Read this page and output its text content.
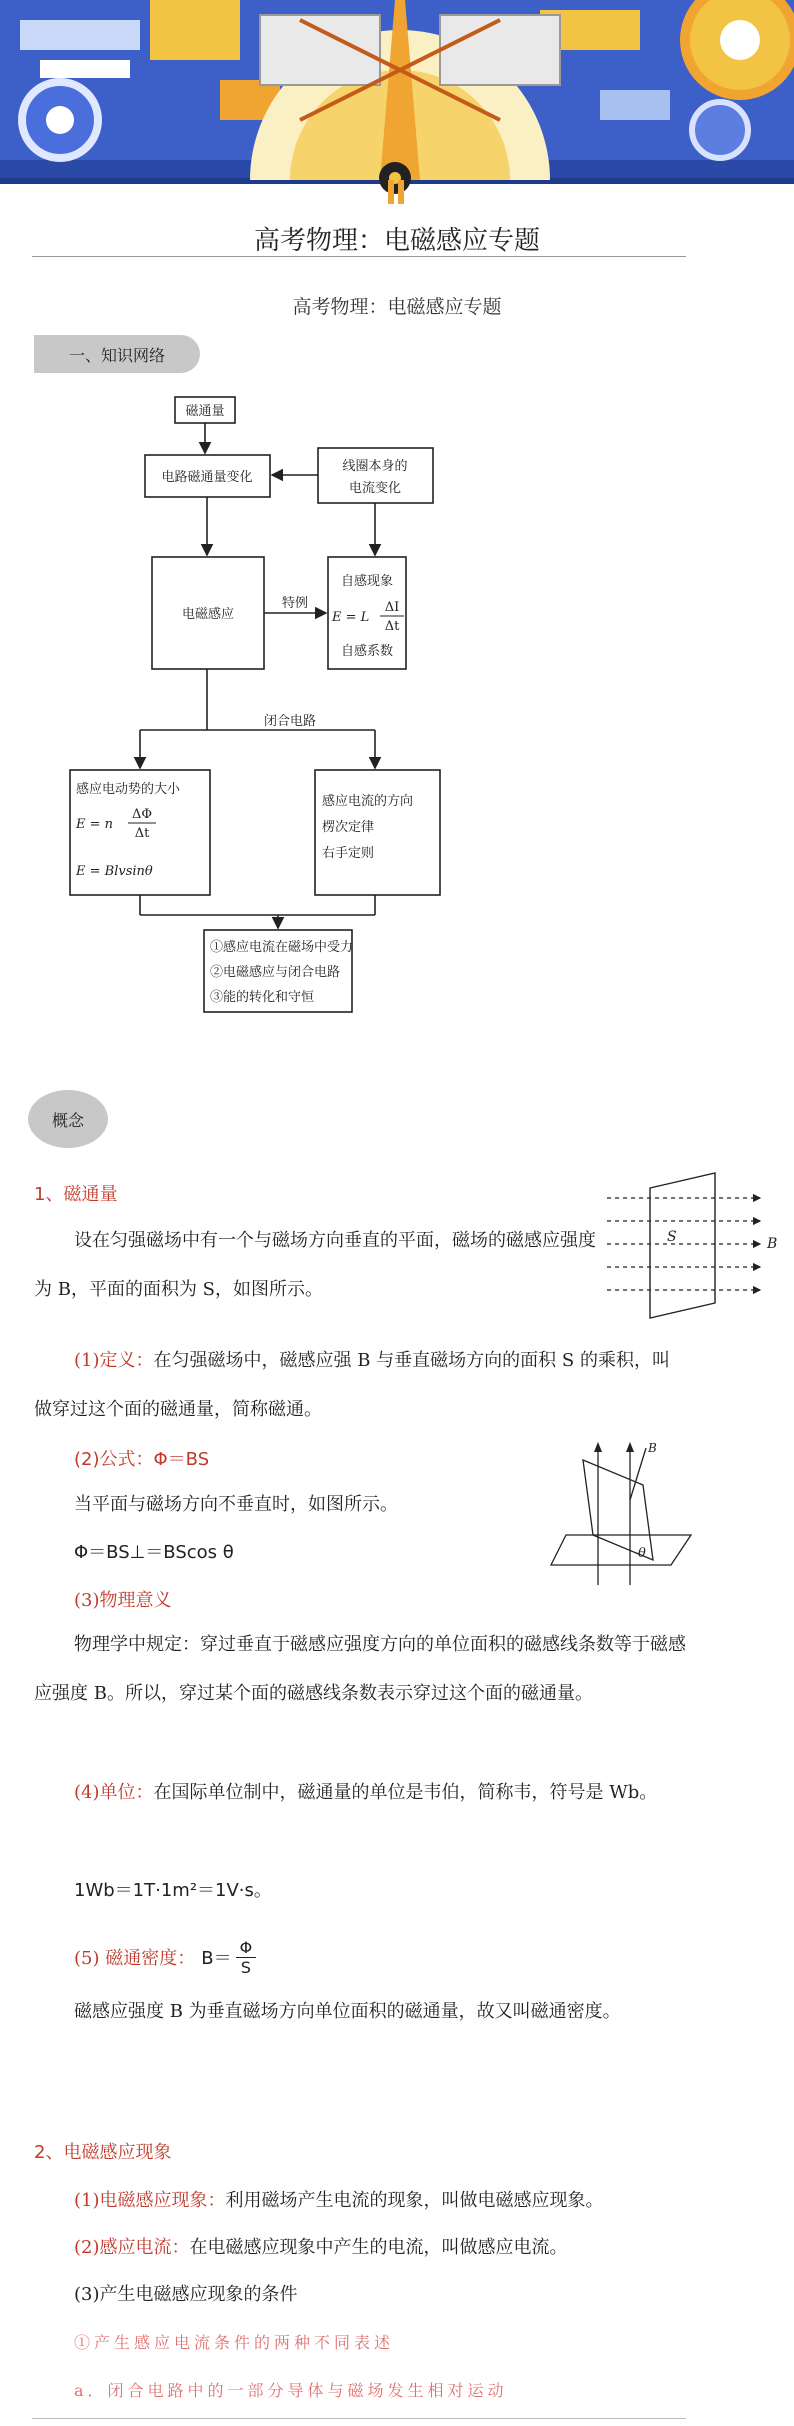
高考物理：电磁感应专题
高考物理：电磁感应专题
一、知识网络
磁通量
电路磁通量变化
线圈本身的
电流变化
电磁感应
特例
自感现象
E = L
ΔI
Δt
自感系数
闭合电路
感应电动势的大小
E = n
ΔΦ
Δt
E = Blvsinθ
感应电流的方向
楞次定律
右手定则
①感应电流在磁场中受力
②电磁感应与闭合电路
③能的转化和守恒
概念
1、磁通量
设在匀强磁场中有一个与磁场方向垂直的平面，磁场的磁感应强度为 B，平面的面积为 S，如图所示。
S	B
(1)定义：在匀强磁场中，磁感应强 B 与垂直磁场方向的面积 S 的乘积，叫做穿过这个面的磁通量，简称磁通。
(2)公式：Φ＝BS
当平面与磁场方向不垂直时，如图所示。
Φ＝BS⊥＝BScos θ
B
θ
(3)物理意义
物理学中规定：穿过垂直于磁感应强度方向的单位面积的磁感线条数等于磁感应强度 B。所以，穿过某个面的磁感线条数表示穿过这个面的磁通量。
(4)单位：在国际单位制中，磁通量的单位是韦伯，简称韦，符号是 Wb。
1Wb＝1T·1m²＝1V·s。
(5) 磁通密度： $B= \frac{\Phi}{S}$
磁感应强度 B 为垂直磁场方向单位面积的磁通量，故又叫磁通密度。
2、电磁感应现象
(1)电磁感应现象：利用磁场产生电流的现象，叫做电磁感应现象。
(2)感应电流：在电磁感应现象中产生的电流，叫做感应电流。
(3)产生电磁感应现象的条件
①产生感应电流条件的两种不同表述
a．闭合电路中的一部分导体与磁场发生相对运动
